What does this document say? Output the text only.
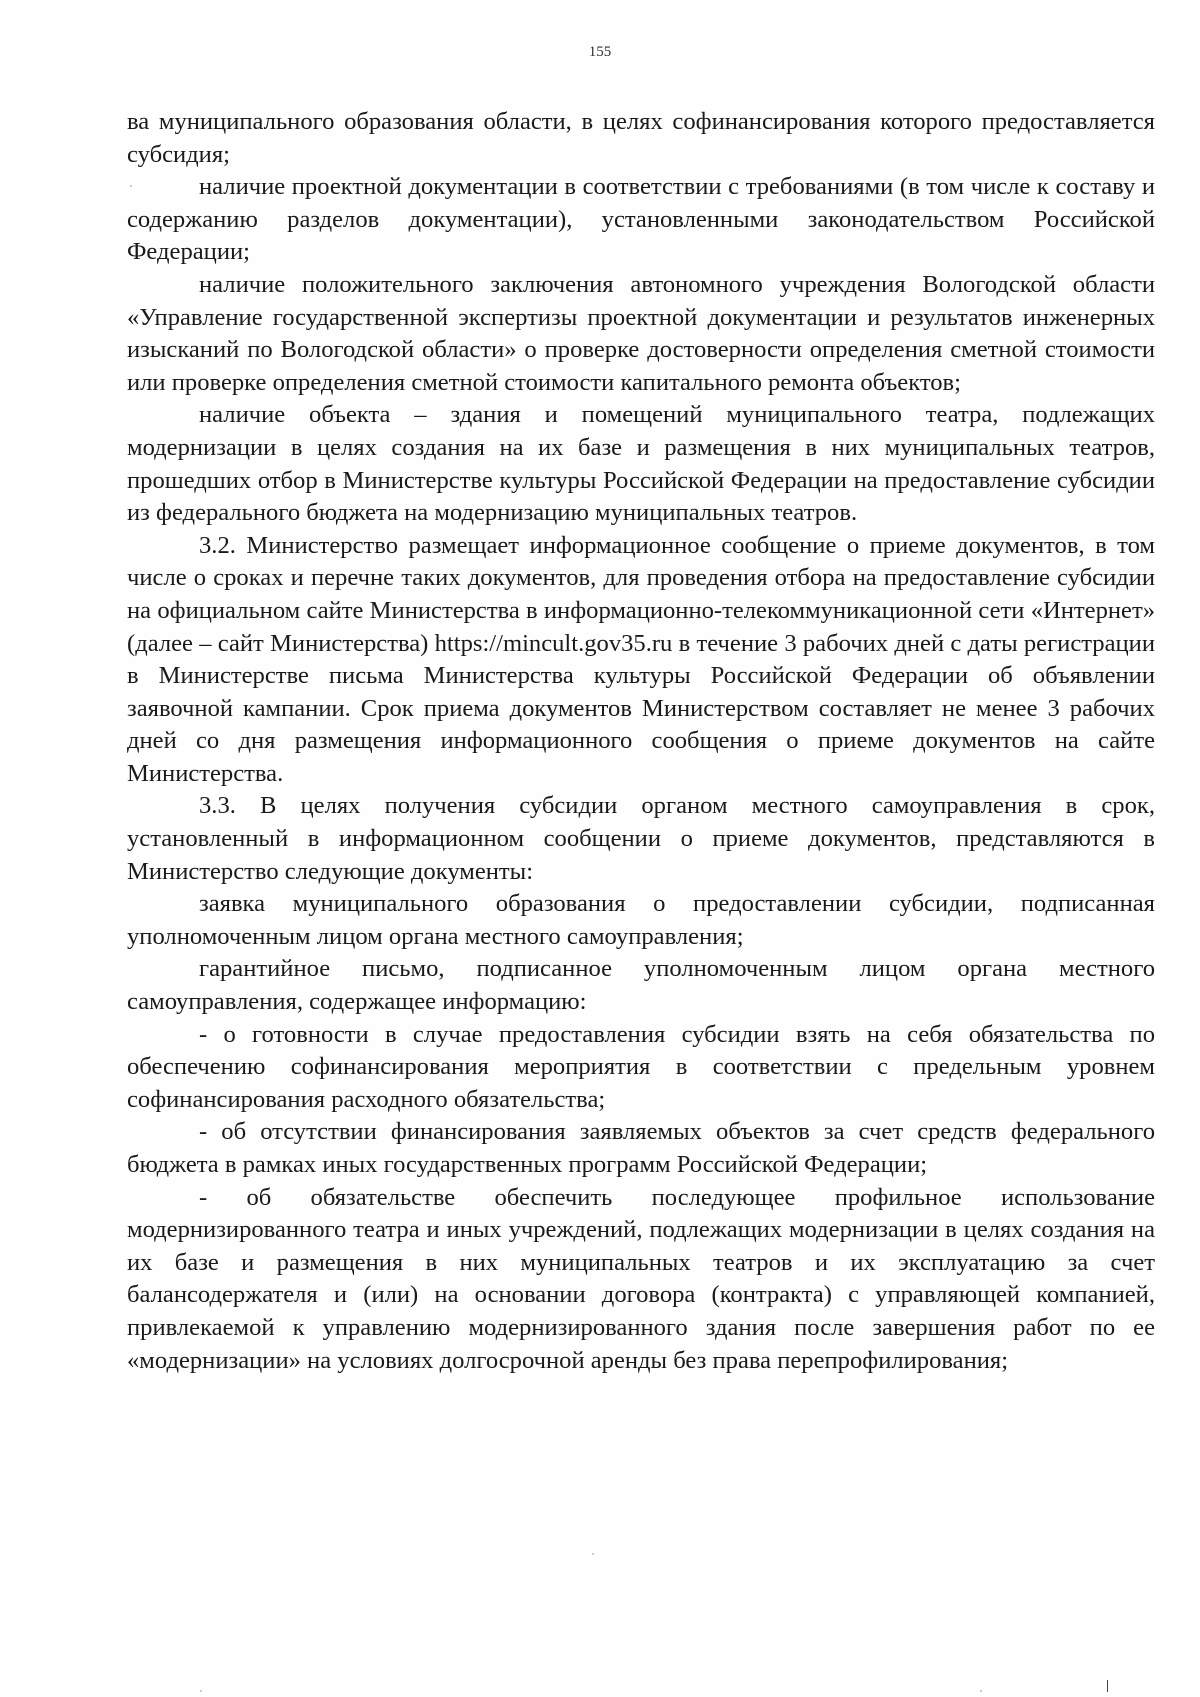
155

ва муниципального образования области, в целях софинансирования которого предоставляется субсидия;

наличие проектной документации в соответствии с требованиями (в том числе к составу и содержанию разделов документации), установленными законодательством Российской Федерации;

наличие положительного заключения автономного учреждения Вологодской области «Управление государственной экспертизы проектной документации и результатов инженерных изысканий по Вологодской области» о проверке достоверности определения сметной стоимости или проверке определения сметной стоимости капитального ремонта объектов;

наличие объекта – здания и помещений муниципального театра, подлежащих модернизации в целях создания на их базе и размещения в них муниципальных театров, прошедших отбор в Министерстве культуры Российской Федерации на предоставление субсидии из федерального бюджета на модернизацию муниципальных театров.

3.2. Министерство размещает информационное сообщение о приеме документов, в том числе о сроках и перечне таких документов, для проведения отбора на предоставление субсидии на официальном сайте Министерства в информационно-телекоммуникационной сети «Интернет» (далее – сайт Министерства) https://mincult.gov35.ru в течение 3 рабочих дней с даты регистрации в Министерстве письма Министерства культуры Российской Федерации об объявлении заявочной кампании. Срок приема документов Министерством составляет не менее 3 рабочих дней со дня размещения информационного сообщения о приеме документов на сайте Министерства.

3.3. В целях получения субсидии органом местного самоуправления в срок, установленный в информационном сообщении о приеме документов, представляются в Министерство следующие документы:

заявка муниципального образования о предоставлении субсидии, подписанная уполномоченным лицом органа местного самоуправления;

гарантийное письмо, подписанное уполномоченным лицом органа местного самоуправления, содержащее информацию:

- о готовности в случае предоставления субсидии взять на себя обязательства по обеспечению софинансирования мероприятия в соответствии с предельным уровнем софинансирования расходного обязательства;

- об отсутствии финансирования заявляемых объектов за счет средств федерального бюджета в рамках иных государственных программ Российской Федерации;

- об обязательстве обеспечить последующее профильное использование модернизированного театра и иных учреждений, подлежащих модернизации в целях создания на их базе и размещения в них муниципальных театров и их эксплуатацию за счет балансодержателя и (или) на основании договора (контракта) с управляющей компанией, привлекаемой к управлению модернизированного здания после завершения работ по ее «модернизации» на условиях долгосрочной аренды без права перепрофилирования;
